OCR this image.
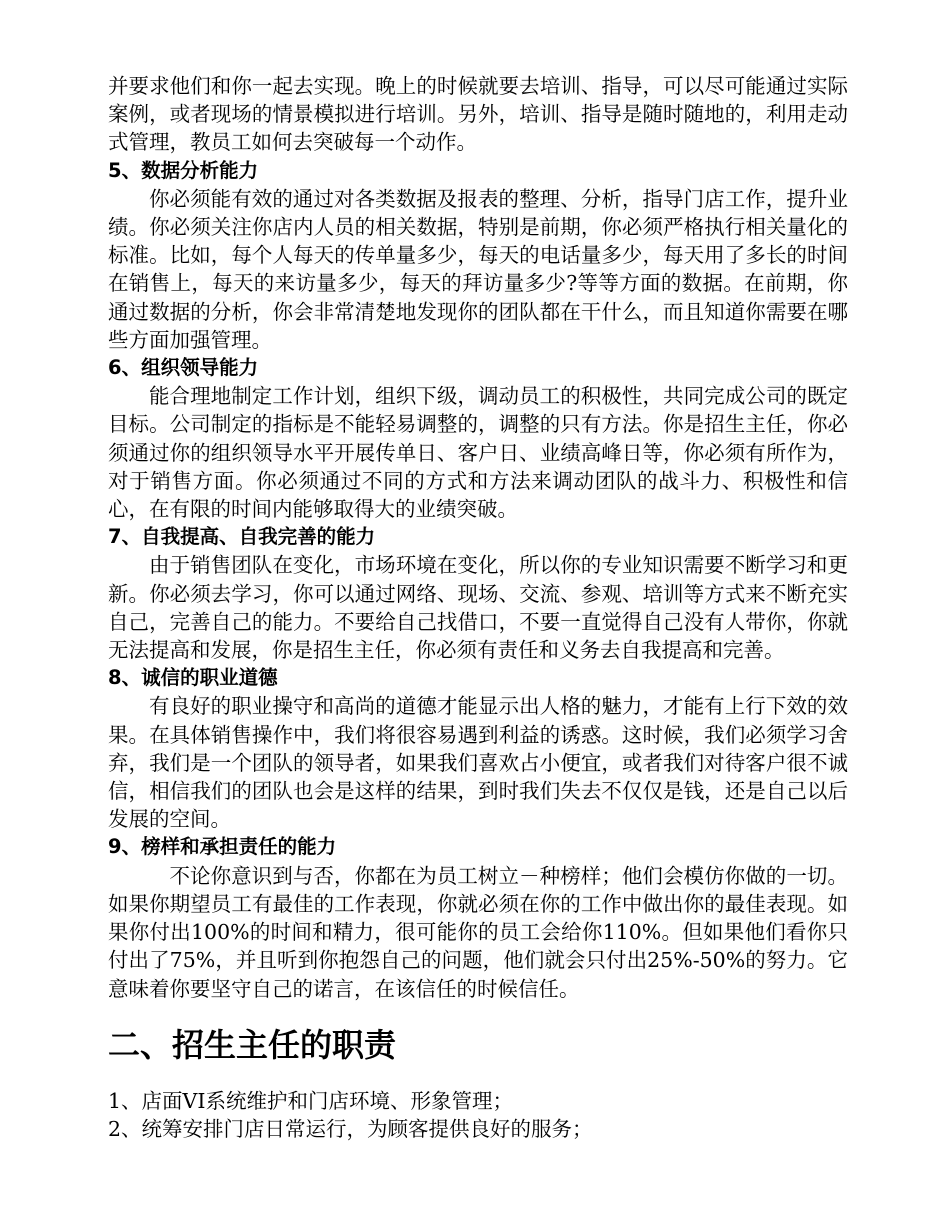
并要求他们和你一起去实现。晚上的时候就要去培训、指导，可以尽可能通过实际案例，或者现场的情景模拟进行培训。另外，培训、指导是随时随地的，利用走动式管理，教员工如何去突破每一个动作。

5、数据分析能力

你必须能有效的通过对各类数据及报表的整理、分析，指导门店工作，提升业绩。你必须关注你店内人员的相关数据，特别是前期，你必须严格执行相关量化的标准。比如，每个人每天的传单量多少，每天的电话量多少，每天用了多长的时间在销售上，每天的来访量多少，每天的拜访量多少?等等方面的数据。在前期，你通过数据的分析，你会非常清楚地发现你的团队都在干什么，而且知道你需要在哪些方面加强管理。

6、组织领导能力

能合理地制定工作计划，组织下级，调动员工的积极性，共同完成公司的既定目标。公司制定的指标是不能轻易调整的，调整的只有方法。你是招生主任，你必须通过你的组织领导水平开展传单日、客户日、业绩高峰日等，你必须有所作为，对于销售方面。你必须通过不同的方式和方法来调动团队的战斗力、积极性和信心，在有限的时间内能够取得大的业绩突破。

7、自我提高、自我完善的能力

由于销售团队在变化，市场环境在变化，所以你的专业知识需要不断学习和更新。你必须去学习，你可以通过网络、现场、交流、参观、培训等方式来不断充实自己，完善自己的能力。不要给自己找借口，不要一直觉得自己没有人带你，你就无法提高和发展，你是招生主任，你必须有责任和义务去自我提高和完善。

8、诚信的职业道德

有良好的职业操守和高尚的道德才能显示出人格的魅力，才能有上行下效的效果。在具体销售操作中，我们将很容易遇到利益的诱惑。这时候，我们必须学习舍弃，我们是一个团队的领导者，如果我们喜欢占小便宜，或者我们对待客户很不诚信，相信我们的团队也会是这样的结果，到时我们失去不仅仅是钱，还是自己以后发展的空间。

9、榜样和承担责任的能力

不论你意识到与否，你都在为员工树立－种榜样；他们会模仿你做的一切。如果你期望员工有最佳的工作表现，你就必须在你的工作中做出你的最佳表现。如果你付出100%的时间和精力，很可能你的员工会给你110%。但如果他们看你只付出了75%，并且听到你抱怨自己的问题，他们就会只付出25%-50%的努力。它意味着你要坚守自己的诺言，在该信任的时候信任。

二、招生主任的职责

1、店面VI系统维护和门店环境、形象管理；

2、统筹安排门店日常运行，为顾客提供良好的服务；
